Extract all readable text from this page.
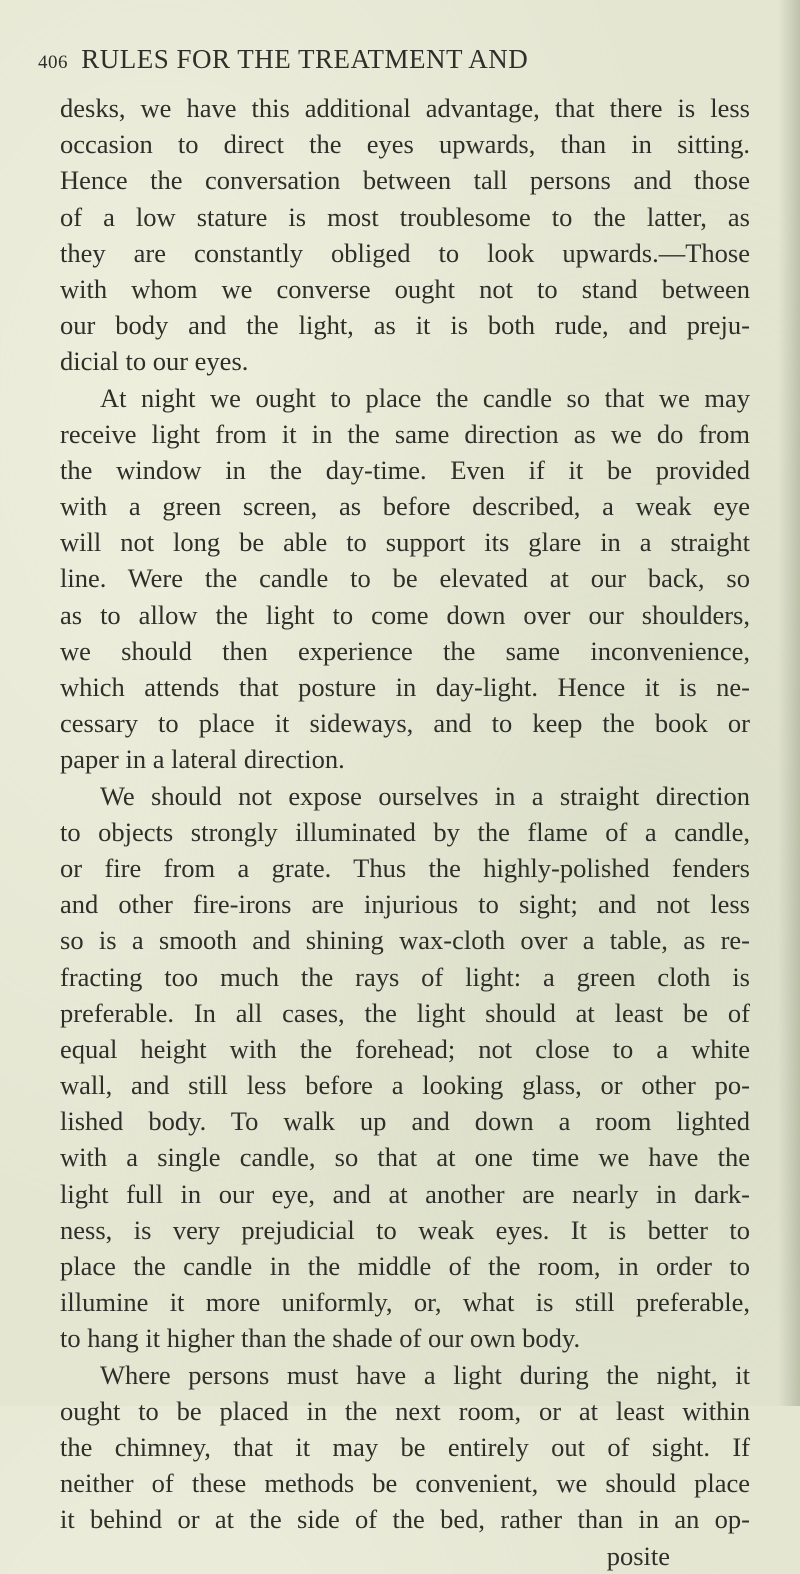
406 RULES FOR THE TREATMENT AND
desks, we have this additional advantage, that there is less
occasion to direct the eyes upwards, than in sitting.
Hence the conversation between tall persons and those
of a low stature is most troublesome to the latter, as
they are constantly obliged to look upwards.—Those
with whom we converse ought not to stand between
our body and the light, as it is both rude, and preju-
dicial to our eyes.
At night we ought to place the candle so that we may
receive light from it in the same direction as we do from
the window in the day-time. Even if it be provided
with a green screen, as before described, a weak eye
will not long be able to support its glare in a straight
line. Were the candle to be elevated at our back, so
as to allow the light to come down over our shoulders,
we should then experience the same inconvenience,
which attends that posture in day-light. Hence it is ne-
cessary to place it sideways, and to keep the book or
paper in a lateral direction.
We should not expose ourselves in a straight direction
to objects strongly illuminated by the flame of a candle,
or fire from a grate. Thus the highly-polished fenders
and other fire-irons are injurious to sight; and not less
so is a smooth and shining wax-cloth over a table, as re-
fracting too much the rays of light: a green cloth is
preferable. In all cases, the light should at least be of
equal height with the forehead; not close to a white
wall, and still less before a looking glass, or other po-
lished body. To walk up and down a room lighted
with a single candle, so that at one time we have the
light full in our eye, and at another are nearly in dark-
ness, is very prejudicial to weak eyes. It is better to
place the candle in the middle of the room, in order to
illumine it more uniformly, or, what is still preferable,
to hang it higher than the shade of our own body.
Where persons must have a light during the night, it
ought to be placed in the next room, or at least within
the chimney, that it may be entirely out of sight. If
neither of these methods be convenient, we should place
it behind or at the side of the bed, rather than in an op-
posite
